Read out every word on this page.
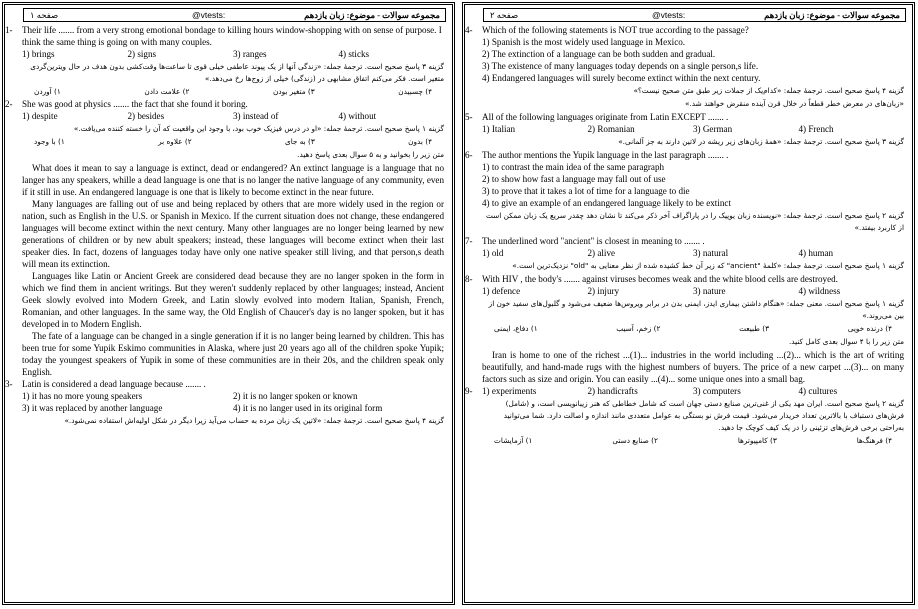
صفحه ۱	@vtests:	مجموعه سوالات - موضوع: زبان یازدهم
1-	Their life ....... from a very strong emotional bondage to killing hours window-shopping with on sense of purpose. I think the same thing is going on with many couples.

1) brings	2) signs	3) ranges	4) sticks

گزینه ۳ پاسخ صحیح است. ترجمه‌ٔ جمله: «زندگی آنها از یک پیوند عاطفی خیلی قوی تا ساعت‌ها وقت‌کشی بدون هدف در حال ویترین‌گردی متغیر است. فکر می‌کنم اتفاق مشابهی در (زندگی) خیلی از زوج‌ها رخ می‌دهد.»

۱) آوردن	۲) علامت دادن	۳) متغیر بودن	۴) چسبیدن
2-	She was good at physics ....... the fact that she found it boring.

1) despite	2) besides	3) instead of	4) without

گزینه ۱ پاسخ صحیح است. ترجمه‌ٔ جمله: «او در درس فیزیک خوب بود، با وجود این واقعیت که آن را خسته کننده می‌یافت.»

۱) با وجود	۲) علاوه بر	۳) به جای	۴) بدون

متن زیر را بخوانید و به ۵ سوال بعدی پاسخ دهید.

What does it mean to say a language is extinct, dead or endangered? An extinct language is a language that no langer has any speakers, whille a dead language is one that is no langer the native language of any community, even if it still in use. An endangered language is one that is likely to become extinct in the near future.

Many languages are falling out of use and being replaced by others that are more widely used in the region or nation, such as English in the U.S. or Spanish in Mexico. If the current situation does not change, these endangered languages will become extinct within the next century. Many other languages are no longer being learned by new generations of children or by new abult speakers; instead, these languages will become extinct when their last speaker dies. In fact, dozens of languages today have only one native speaker still living, and that person,s death will mean its extinction.

Languages like Latin or Ancient Greek are considered dead because they are no langer spoken in the form in which we find them in ancient writings. But they weren't suddenly replaced by other languages; instead, Ancient Geek slowly evolved into Modern Greek, and Latin slowly evolved into modern Italian, Spanish, French, Romanian, and other languages. In the same way, the Old English of Chaucer's day is no langer spoken, but it has developed in to Modern English.

The fate of a language can be changed in a single generation if it is no langer being learned by children. This has been true for some Yupik Eskimo communities in Alaska, where just 20 years ago all of the children spoke Yupik; today the youngest speakers of Yupik in some of these communities are in their 20s, and the children speak only English.

3-	Latin is considered a dead language because ....... .

1) it has no more young speakers	2) it is no langer spoken or known
3) it was replaced by another language	4) it is no langer used in its original form

گزینه ۴ پاسخ صحیح است. ترجمه‌ٔ جمله: «لاتین یک زبان مرده به حساب می‌آید زیرا دیگر در شکل اولیه‌اش استفاده نمی‌شود.»

صفحه ۲	@vtests:	مجموعه سوالات - موضوع: زبان یازدهم
4-	Which of the following statements is NOT true according to the passage?

1) Spanish is the most widely used language in Mexico.
2) The extinction of a language can be both sudden and gradual.
3) The existence of many languages today depends on a single person,s life.
4) Endangered languages will surely become extinct within the next century.

گزینه ۴ پاسخ صحیح است. ترجمه‌ٔ جمله: «کدام‌یک از جملات زیر طبق متن صحیح نیست؟»

«زبان‌های در معرض خطر قطعاً در خلال قرن آینده منقرض خواهند شد.»

5-	All of the following languages originate from Latin EXCEPT ....... .

1) Italian	2) Romanian	3) German	4) French

گزینه ۳ پاسخ صحیح است. ترجمه‌ٔ جمله: «همهٔ زبان‌های زیر ریشه در لاتین دارند به جز آلمانی.»

6-	The author mentions the Yupik language in the last paragraph ....... .

1) to contrast the main idea of the same paragraph
2) to show how fast a language may fall out of use
3) to prove that it takes a lot of time for a language to die
4) to give an example of an endangered language likely to be extinct

گزینه ۲ پاسخ صحیح است. ترجمه‌ٔ جمله: «نویسنده زبان یوپیک را در پاراگراف آخر ذکر می‌کند تا نشان دهد چقدر سریع یک زبان ممکن است از کاربرد بیفتد.»

7-	The underlined word "ancient" is closest in meaning to ....... .

1) old	2) alive	3) natural	4) human

گزینه ۱ پاسخ صحیح است. ترجمه‌ٔ جمله: «کلمهٔ "ancient" که زیر آن خط کشیده شده از نظر معنایی به "old" نزدیک‌ترین است.»

8-	With HIV , the body's ....... against viruses becomes weak and the white blood cells are destroyed.

1) defence	2) injury	3) nature	4) wildness

گزینه ۱ پاسخ صحیح است. معنی جمله: «هنگام داشتن بیماری ایدز، ایمنی بدن در برابر ویروس‌ها ضعیف می‌شود و گلبول‌های سفید خون از بین می‌روند.»

۱) دفاع، ایمنی	۲) زخم، آسیب	۳) طبیعت	۴) درنده خویی

متن زیر را با ۴ سوال بعدی کامل کنید.

Iran is home to one of the richest ...(1)... industries in the world including ...(2)... which is the art of writing beautifully, and hand-made rugs with the highest numbers of buyers. The price of a new carpet ...(3)... on many factors such as size and origin. You can easily ...(4)... some unique ones into a small bag.

9-	1) experiments	2) handicrafts	3) computers	4) cultures

گزینه ۲ پاسخ صحیح است. ایران مهد یکی از غنی‌ترین صنایع دستی جهان است که شامل خطاطی که هنر زیبانویسی است، و (شامل) فرش‌های دستباف با بالاترین تعداد خریدار می‌شود. قیمت فرش نو بستگی به عوامل متعددی مانند اندازه و اصالت دارد. شما می‌توانید به‌راحتی برخی فرش‌های تزئینی را در یک کیف کوچک جا دهید.

۱) آزمایشات	۲) صنایع دستی	۳) کامپیوترها	۴) فرهنگ‌ها
